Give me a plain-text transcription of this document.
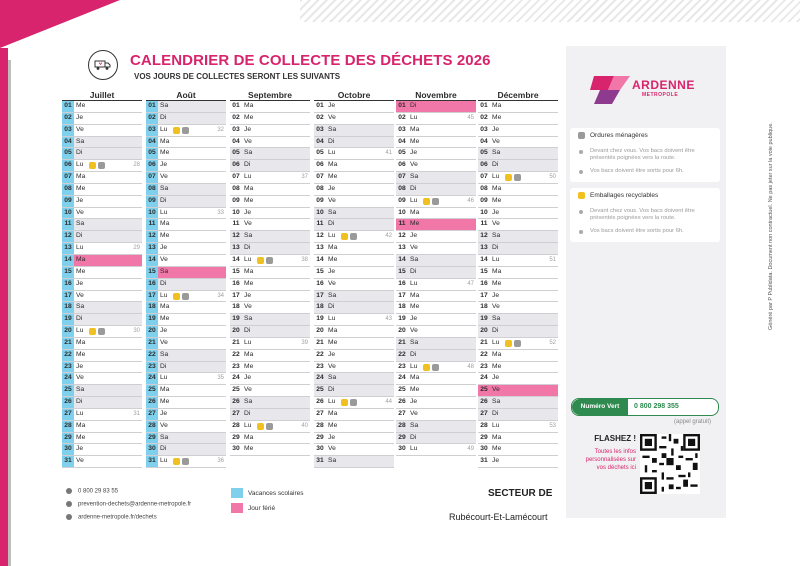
CALENDRIER DE COLLECTE DES DÉCHETS 2026
VOS JOURS DE COLLECTES SERONT LES SUIVANTS
Juillet
01 Me
02 Je
03 Ve
04 Sa
05 Di
06 Lu	28
07 Ma
08 Me
09 Je
10 Ve
11 Sa
12 Di
13 Lu	29
14 Ma
15 Me
16 Je
17 Ve
18 Sa
19 Di
20 Lu	30
21 Ma
22 Me
23 Je
24 Ve
25 Sa
26 Di
27 Lu	31
28 Ma
29 Me
30 Je
31 Ve
Août
01 Sa
02 Di
03 Lu	32
04 Ma
05 Me
06 Je
07 Ve
08 Sa
09 Di
10 Lu	33
11 Ma
12 Me
13 Je
14 Ve
15 Sa
16 Di
17 Lu	34
18 Ma
19 Me
20 Je
21 Ve
22 Sa
23 Di
24 Lu	35
25 Ma
26 Me
27 Je
28 Ve
29 Sa
30 Di
31 Lu	36
Septembre
01 Ma
02 Me
03 Je
04 Ve
05 Sa
06 Di
07 Lu	37
08 Ma
09 Me
10 Je
11 Ve
12 Sa
13 Di
14 Lu	38
15 Ma
16 Me
17 Je
18 Ve
19 Sa
20 Di
21 Lu	39
22 Ma
23 Me
24 Je
25 Ve
26 Sa
27 Di
28 Lu	40
29 Ma
30 Me
Octobre
01 Je
02 Ve
03 Sa
04 Di
05 Lu	41
06 Ma
07 Me
08 Je
09 Ve
10 Sa
11 Di
12 Lu	42
13 Ma
14 Me
15 Je
16 Ve
17 Sa
18 Di
19 Lu	43
20 Ma
21 Me
22 Je
23 Ve
24 Sa
25 Di
26 Lu	44
27 Ma
28 Me
29 Je
30 Ve
31 Sa
Novembre
01 Di
02 Lu	45
03 Ma
04 Me
05 Je
06 Ve
07 Sa
08 Di
09 Lu	46
10 Ma
11 Me
12 Je
13 Ve
14 Sa
15 Di
16 Lu	47
17 Ma
18 Me
19 Je
20 Ve
21 Sa
22 Di
23 Lu	48
24 Ma
25 Me
26 Je
27 Ve
28 Sa
29 Di
30 Lu	49
Décembre
01 Ma
02 Me
03 Je
04 Ve
05 Sa
06 Di
07 Lu	50
08 Ma
09 Me
10 Je
11 Ve
12 Sa
13 Di
14 Lu	51
15 Ma
16 Me
17 Je
18 Ve
19 Sa
20 Di
21 Lu	52
22 Ma
23 Me
24 Je
25 Ve
26 Sa
27 Di
28 Lu	53
29 Ma
30 Me
31 Je
ARDENNE
METROPOLE
Ordures ménagères
Devant chez vous. Vos bacs doivent être présentés poignées vers la route.
Vos bacs doivent être sortis pour 6h.
Emballages recyclables
Devant chez vous. Vos bacs doivent être présentés poignées vers la route.
Vos bacs doivent être sortis pour 6h.
Numéro Vert	0 800 298 355
(appel gratuit)
FLASHEZ !
Toutes les infos personnalisées sur vos déchets ici
0 800 29 83 55
prevention-dechets@ardenne-metropole.fr
ardenne-metropole.fr/dechets
Vacances scolaires
Jour férié
SECTEUR DE
Rubécourt-Et-Lamécourt
Généré par P Publidata. Document non contractuel. Ne pas jeter sur la voie publique.
